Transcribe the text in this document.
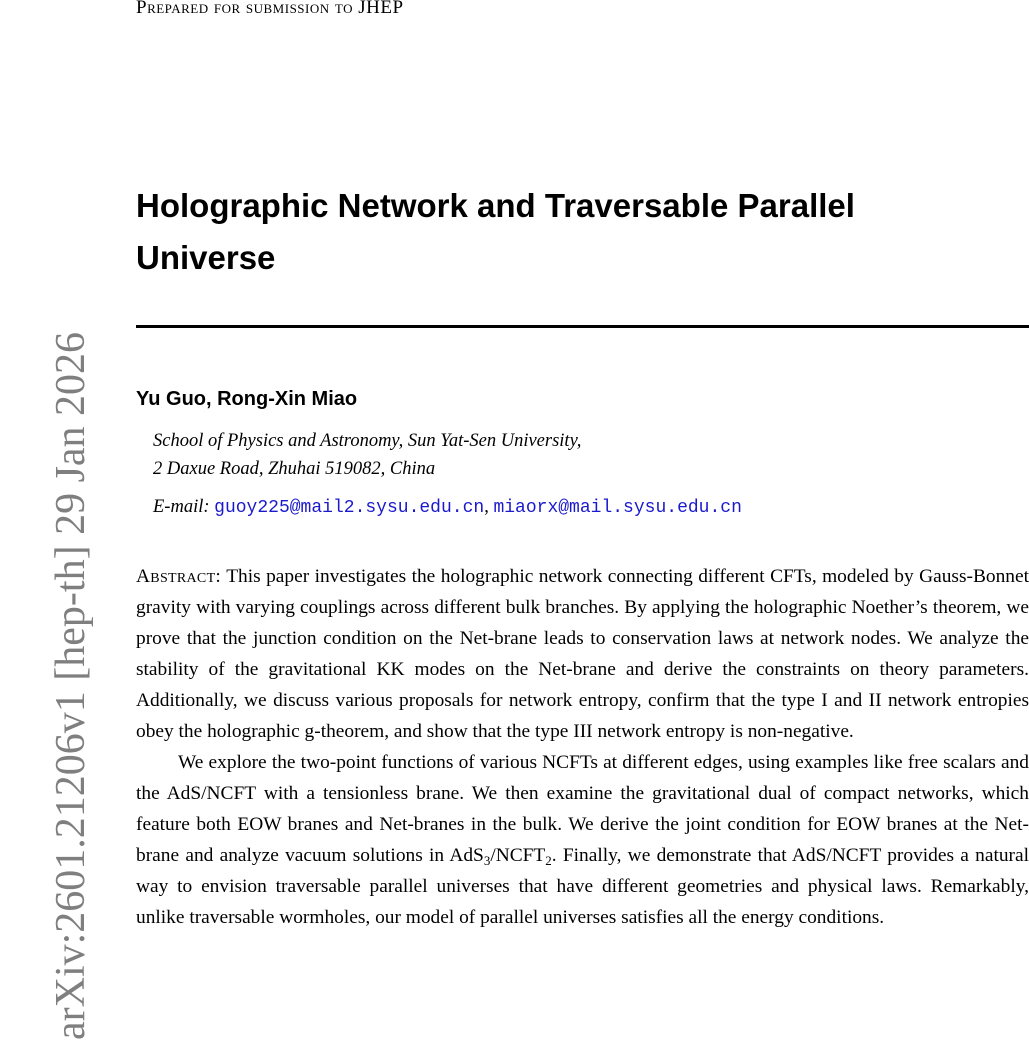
Prepared for submission to JHEP
arXiv:2601.21206v1 [hep-th] 29 Jan 2026
Holographic Network and Traversable Parallel Universe
Yu Guo, Rong-Xin Miao
School of Physics and Astronomy, Sun Yat-Sen University,
2 Daxue Road, Zhuhai 519082, China
E-mail: guoy225@mail2.sysu.edu.cn, miaorx@mail.sysu.edu.cn

Abstract: This paper investigates the holographic network connecting different CFTs, modeled by Gauss-Bonnet gravity with varying couplings across different bulk branches. By applying the holographic Noether’s theorem, we prove that the junction condition on the Net-brane leads to conservation laws at network nodes. We analyze the stability of the gravitational KK modes on the Net-brane and derive the constraints on theory parameters. Additionally, we discuss various proposals for network entropy, confirm that the type I and II network entropies obey the holographic g-theorem, and show that the type III network entropy is non-negative.

We explore the two-point functions of various NCFTs at different edges, using examples like free scalars and the AdS/NCFT with a tensionless brane. We then examine the gravitational dual of compact networks, which feature both EOW branes and Net-branes in the bulk. We derive the joint condition for EOW branes at the Net-brane and analyze vacuum solutions in $AdS_3/NCFT_2$. Finally, we demonstrate that AdS/NCFT provides a natural way to envision traversable parallel universes that have different geometries and physical laws. Remarkably, unlike traversable wormholes, our model of parallel universes satisfies all the energy conditions.
